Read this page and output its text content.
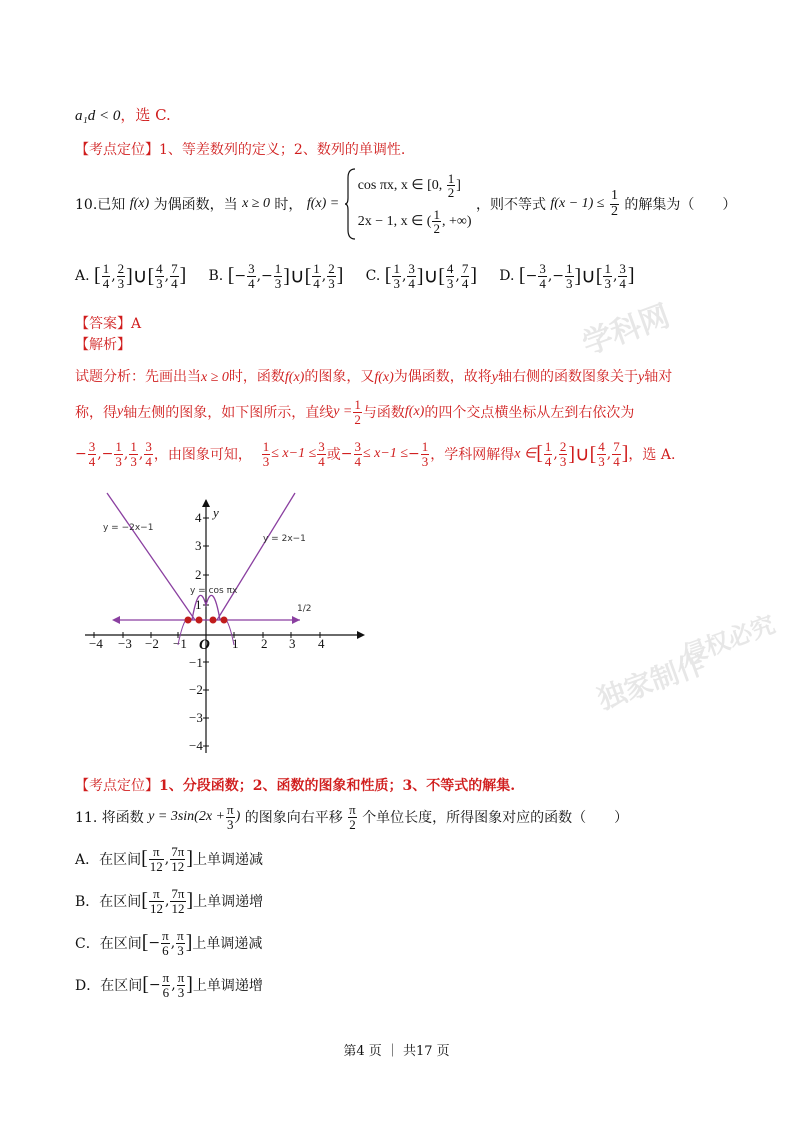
学科网
独家制作
侵权必究
a₁d < 0，选 C.
【考点定位】1、等差数列的定义；2、数列的单调性.
10.已知 f(x) 为偶函数，当 x ≥ 0 时， f(x) =
cos πx, x ∈ [0, $\frac{1}{2}$ ]
2x − 1, x ∈ ( $\frac{1}{2}$ , +∞)
，则不等式 $f(x - 1) \le \frac{1}{2}$ 的解集为（　　）
A. [ $\frac{1}{4}$ , $\frac{2}{3}$ ]∪[ $\frac{4}{3}$ , $\frac{7}{4}$ ] B. [− $\frac{3}{4}$ ,− $\frac{1}{3}$ ]∪[ $\frac{1}{4}$ , $\frac{2}{3}$ ] C. [ $\frac{1}{3}$ , $\frac{3}{4}$ ]∪[ $\frac{4}{3}$ , $\frac{7}{4}$ ] D. [− $\frac{3}{4}$ ,− $\frac{1}{3}$ ]∪[ $\frac{1}{3}$ , $\frac{3}{4}$ ]
【答案】A
【解析】
试题分析：先画出当x ≥ 0时，函数f(x)的图象，又f(x)为偶函数，故将y轴右侧的函数图象关于y轴对
称，得y轴左侧的图象，如下图所示，直线$y = \frac{1}{2}$ 与函数f(x)的四个交点横坐标从左到右依次为
− $\frac{3}{4}$ ,− $\frac{1}{3}$ , $\frac{1}{3}$ , $\frac{3}{4}$ ，由图象可知， $\frac{1}{3} \le x-1 \le \frac{3}{4}$ 或− $\frac{3}{4} \le x-1 \le- \frac{1}{3}$ ，学科网解得x ∈[ $\frac{1}{4}$ , $\frac{2}{3}$ ]∪[ $\frac{4}{3}$ , $\frac{7}{4}$ ]，选 A.
y
O
−4 −3 −2 −1	1 2 3 4
4
3
2
1
−1
−2
−3
−4
y = −2x−1
y = 2x−1
y = cos πx
1/2
【考点定位】1、分段函数；2、函数的图象和性质；3、不等式的解集.
11. 将函数 $y = 3\sin(2x + \frac{\pi}{3}$ ) 的图象向右平移 $\frac{\pi}{2}$ 个单位长度，所得图象对应的函数（　　）
A．在区间[ $\frac{\pi}{12}$ , $\frac{7\pi}{12}$ ]上单调递减
B．在区间[ $\frac{\pi}{12}$ , $\frac{7\pi}{12}$ ]上单调递增
C．在区间[− $\frac{\pi}{6}$ , $\frac{\pi}{3}$ ]上单调递减
D．在区间[− $\frac{\pi}{6}$ , $\frac{\pi}{3}$ ]上单调递增
第4 页 ｜ 共17 页
